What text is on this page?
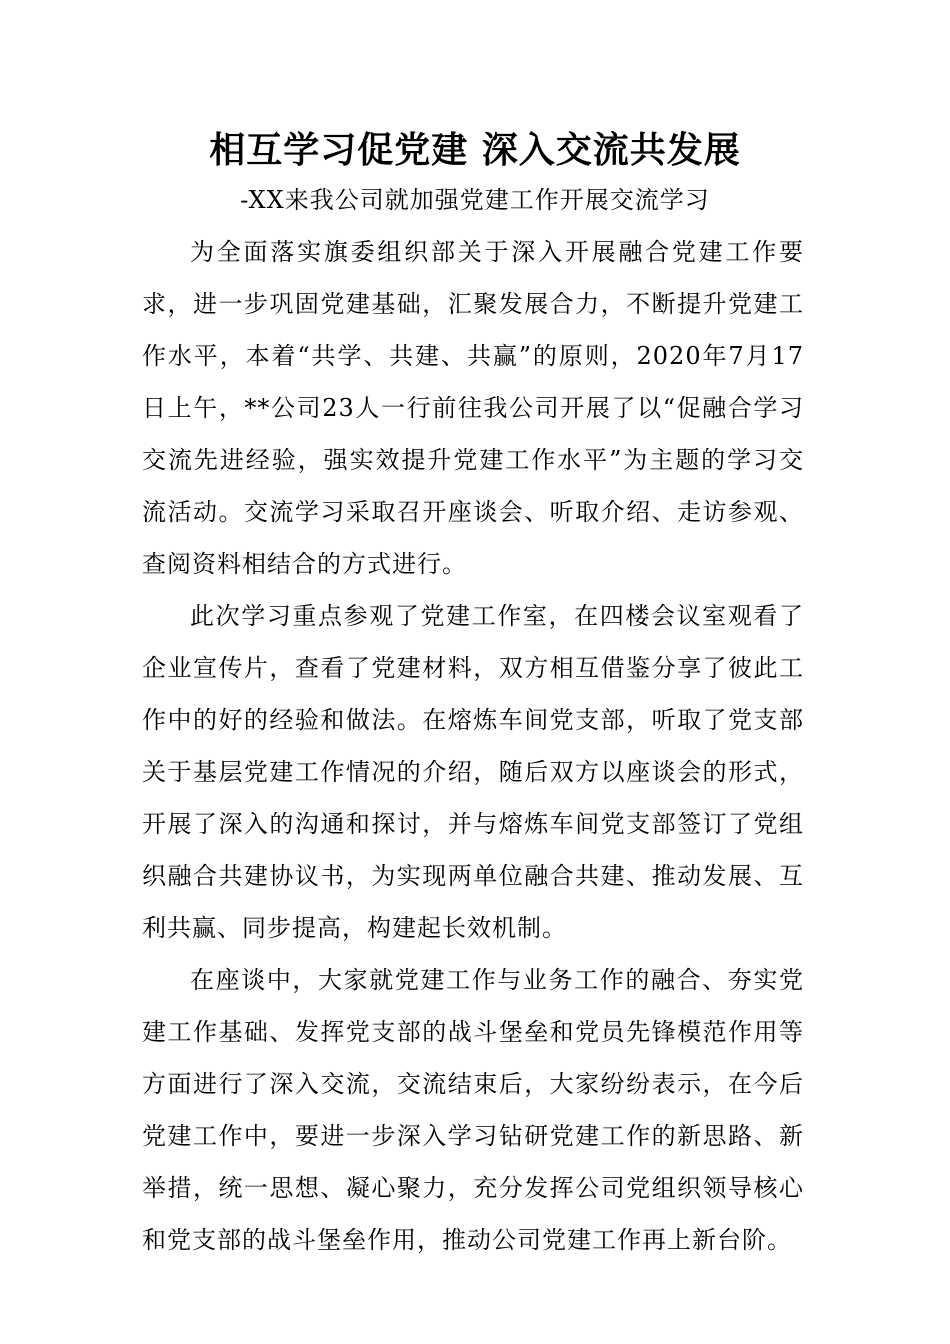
相互学习促党建 深入交流共发展
-XX来我公司就加强党建工作开展交流学习

为全面落实旗委组织部关于深入开展融合党建工作要求，进一步巩固党建基础，汇聚发展合力，不断提升党建工作水平，本着“共学、共建、共赢”的原则，2020年7月17日上午，**公司23人一行前往我公司开展了以“促融合学习交流先进经验，强实效提升党建工作水平”为主题的学习交流活动。交流学习采取召开座谈会、听取介绍、走访参观、查阅资料相结合的方式进行。

此次学习重点参观了党建工作室，在四楼会议室观看了企业宣传片，查看了党建材料，双方相互借鉴分享了彼此工作中的好的经验和做法。在熔炼车间党支部，听取了党支部关于基层党建工作情况的介绍，随后双方以座谈会的形式，开展了深入的沟通和探讨，并与熔炼车间党支部签订了党组织融合共建协议书，为实现两单位融合共建、推动发展、互利共赢、同步提高，构建起长效机制。

在座谈中，大家就党建工作与业务工作的融合、夯实党建工作基础、发挥党支部的战斗堡垒和党员先锋模范作用等方面进行了深入交流，交流结束后，大家纷纷表示，在今后党建工作中，要进一步深入学习钻研党建工作的新思路、新举措，统一思想、凝心聚力，充分发挥公司党组织领导核心和党支部的战斗堡垒作用，推动公司党建工作再上新台阶。
